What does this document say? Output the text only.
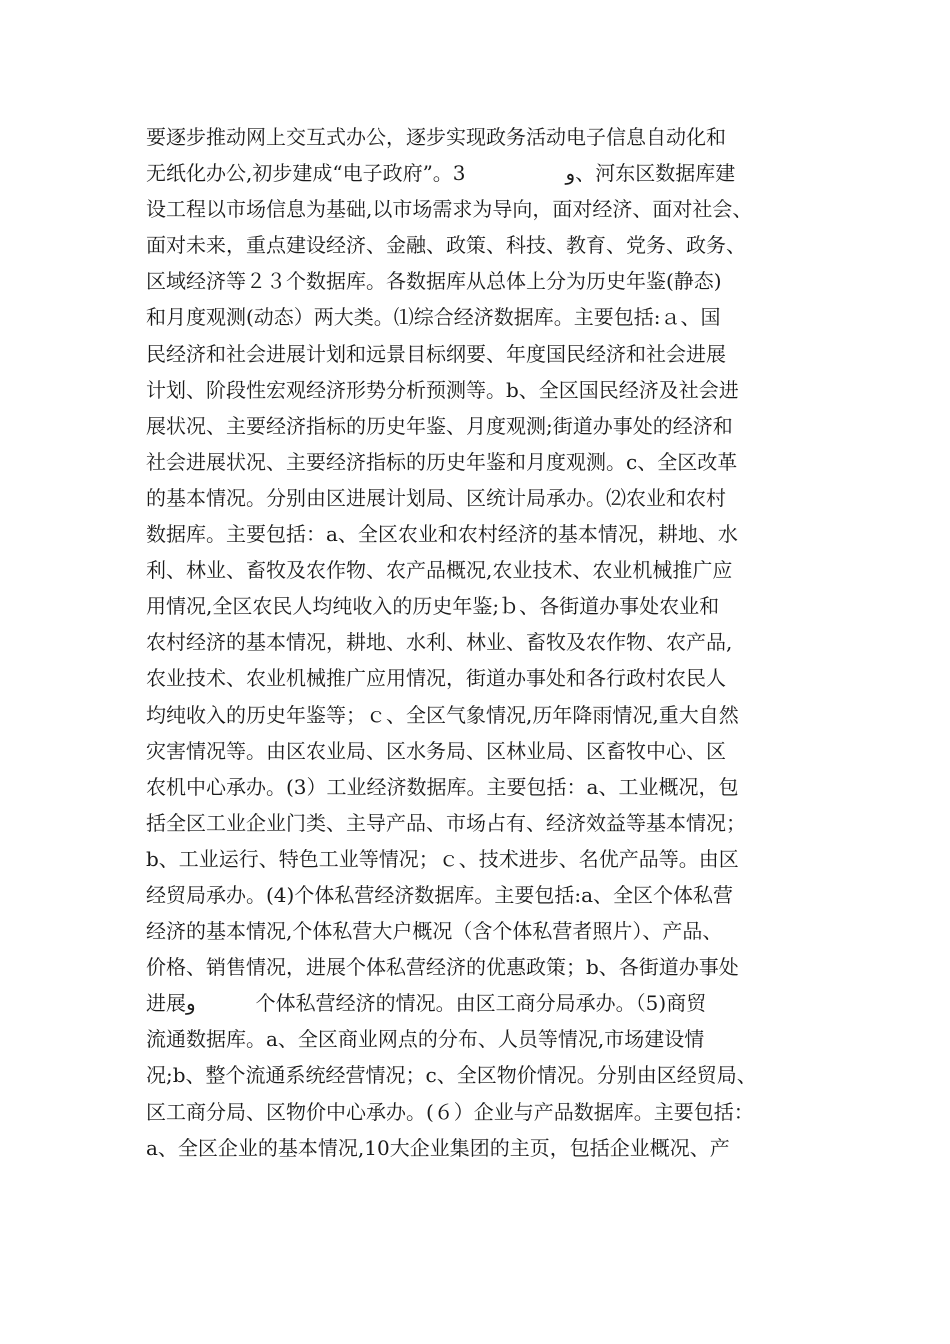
要逐步推动网上交互式办公，逐步实现政务活动电子信息自动化和
无纸化办公,初步建成“电子政府”。3　　　　　و、河东区数据库建
设工程以市场信息为基础,以市场需求为导向，面对经济、面对社会、
面对未来，重点建设经济、金融、政策、科技、教育、党务、政务、
区域经济等２３个数据库。各数据库从总体上分为历史年鉴(静态)
和月度观测(动态）两大类。⑴综合经济数据库。主要包括:ａ、国
民经济和社会进展计划和远景目标纲要、年度国民经济和社会进展
计划、阶段性宏观经济形势分析预测等。b、全区国民经济及社会进
展状况、主要经济指标的历史年鉴、月度观测;街道办事处的经济和
社会进展状况、主要经济指标的历史年鉴和月度观测。c、全区改革
的基本情况。分别由区进展计划局、区统计局承办。⑵农业和农村
数据库。主要包括：a、全区农业和农村经济的基本情况，耕地、水
利、林业、畜牧及农作物、农产品概况,农业技术、农业机械推广应
用情况,全区农民人均纯收入的历史年鉴;ｂ、各街道办事处农业和
农村经济的基本情况，耕地、水利、林业、畜牧及农作物、农产品,
农业技术、农业机械推广应用情况，街道办事处和各行政村农民人
均纯收入的历史年鉴等；ｃ、全区气象情况,历年降雨情况,重大自然
灾害情况等。由区农业局、区水务局、区林业局、区畜牧中心、区
农机中心承办。(3）工业经济数据库。主要包括：a、工业概况，包
括全区工业企业门类、主导产品、市场占有、经济效益等基本情况；
b、工业运行、特色工业等情况；ｃ、技术进步、名优产品等。由区
经贸局承办。(4)个体私营经济数据库。主要包括:a、全区个体私营
经济的基本情况,个体私营大户概况（含个体私营者照片）、产品、
价格、销售情况，进展个体私营经济的优惠政策；b、各街道办事处
进展و　　　个体私营经济的情况。由区工商分局承办。（5)商贸
流通数据库。a、全区商业网点的分布、人员等情况,市场建设情
况;b、整个流通系统经营情况；c、全区物价情况。分别由区经贸局、
区工商分局、区物价中心承办。(６）企业与产品数据库。主要包括：
a、全区企业的基本情况,10大企业集团的主页，包括企业概况、产
